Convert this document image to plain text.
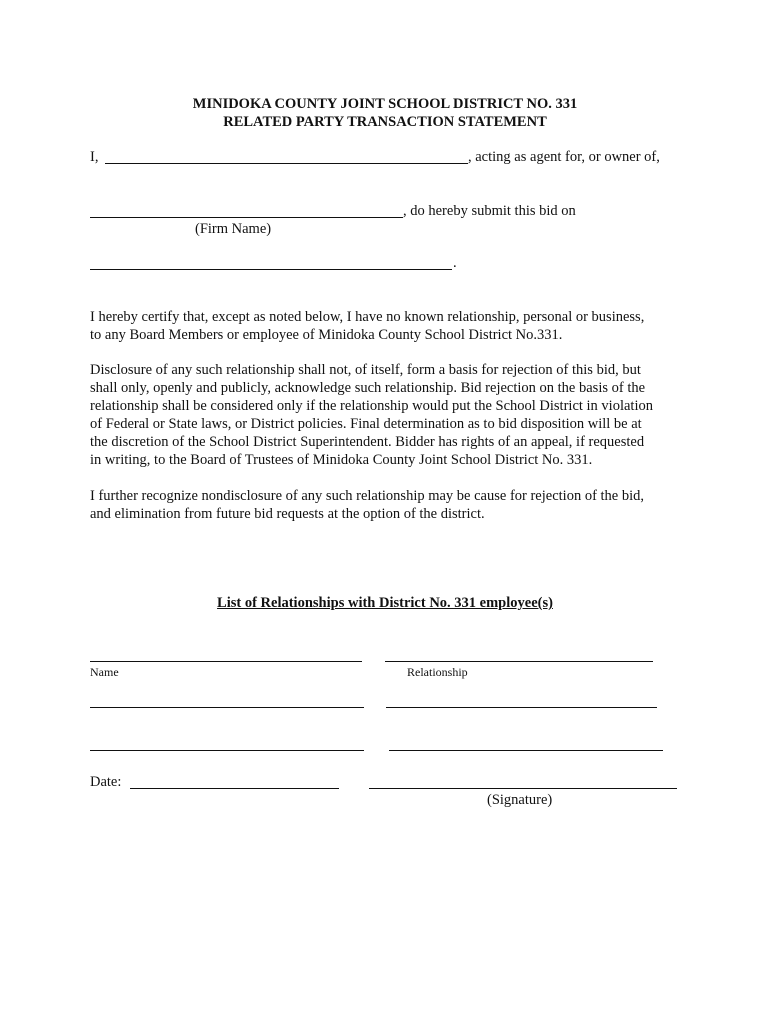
MINIDOKA COUNTY JOINT SCHOOL DISTRICT NO. 331
RELATED PARTY TRANSACTION STATEMENT
I,	, acting as agent for, or owner of,
, do hereby submit this bid on
(Firm Name)
.
I hereby certify that, except as noted below, I have no known relationship, personal or business,
to any Board Members or employee of Minidoka County School District No.331.
Disclosure of any such relationship shall not, of itself, form a basis for rejection of this bid, but
shall only, openly and publicly, acknowledge such relationship. Bid rejection on the basis of the
relationship shall be considered only if the relationship would put the School District in violation
of Federal or State laws, or District policies. Final determination as to bid disposition will be at
the discretion of the School District Superintendent. Bidder has rights of an appeal, if requested
in writing, to the Board of Trustees of Minidoka County Joint School District No. 331.
I further recognize nondisclosure of any such relationship may be cause for rejection of the bid,
and elimination from future bid requests at the option of the district.
List of Relationships with District No. 331 employee(s)
Name	Relationship
Date:
(Signature)
